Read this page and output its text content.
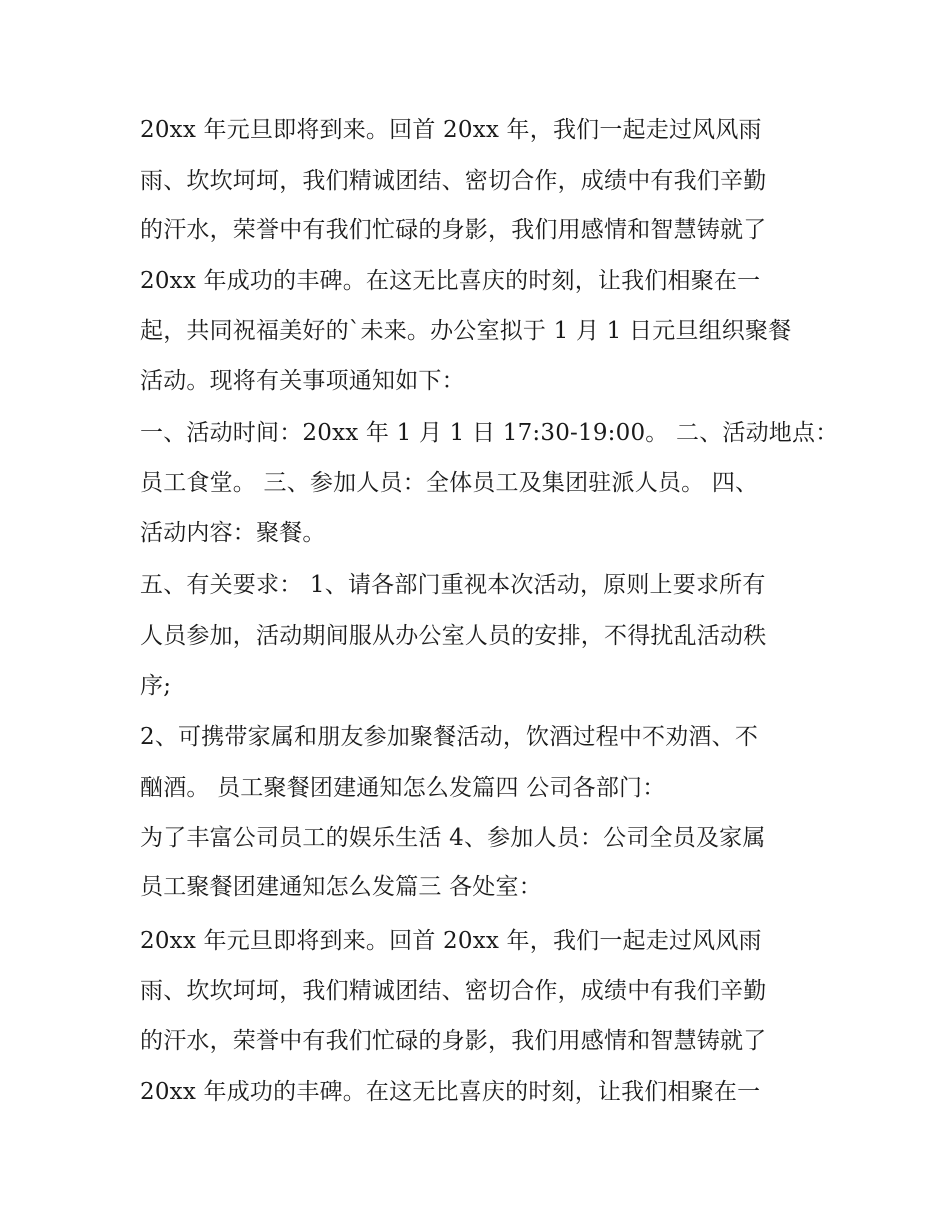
20xx 年元旦即将到来。回首 20xx 年，我们一起走过风风雨
雨、坎坎坷坷，我们精诚团结、密切合作，成绩中有我们辛勤
的汗水，荣誉中有我们忙碌的身影，我们用感情和智慧铸就了
20xx 年成功的丰碑。在这无比喜庆的时刻，让我们相聚在一
起，共同祝福美好的`未来。办公室拟于 1 月 1 日元旦组织聚餐
活动。现将有关事项通知如下：
一、活动时间：20xx 年 1 月 1 日 17:30-19:00。 二、活动地点：
员工食堂。 三、参加人员：全体员工及集团驻派人员。 四、
活动内容：聚餐。
五、有关要求： 1、请各部门重视本次活动，原则上要求所有
人员参加，活动期间服从办公室人员的安排，不得扰乱活动秩
序;
2、可携带家属和朋友参加聚餐活动，饮酒过程中不劝酒、不
酗酒。 员工聚餐团建通知怎么发篇四 公司各部门：
为了丰富公司员工的娱乐生活 4、参加人员：公司全员及家属
员工聚餐团建通知怎么发篇三 各处室：
20xx 年元旦即将到来。回首 20xx 年，我们一起走过风风雨
雨、坎坎坷坷，我们精诚团结、密切合作，成绩中有我们辛勤
的汗水，荣誉中有我们忙碌的身影，我们用感情和智慧铸就了
20xx 年成功的丰碑。在这无比喜庆的时刻，让我们相聚在一
